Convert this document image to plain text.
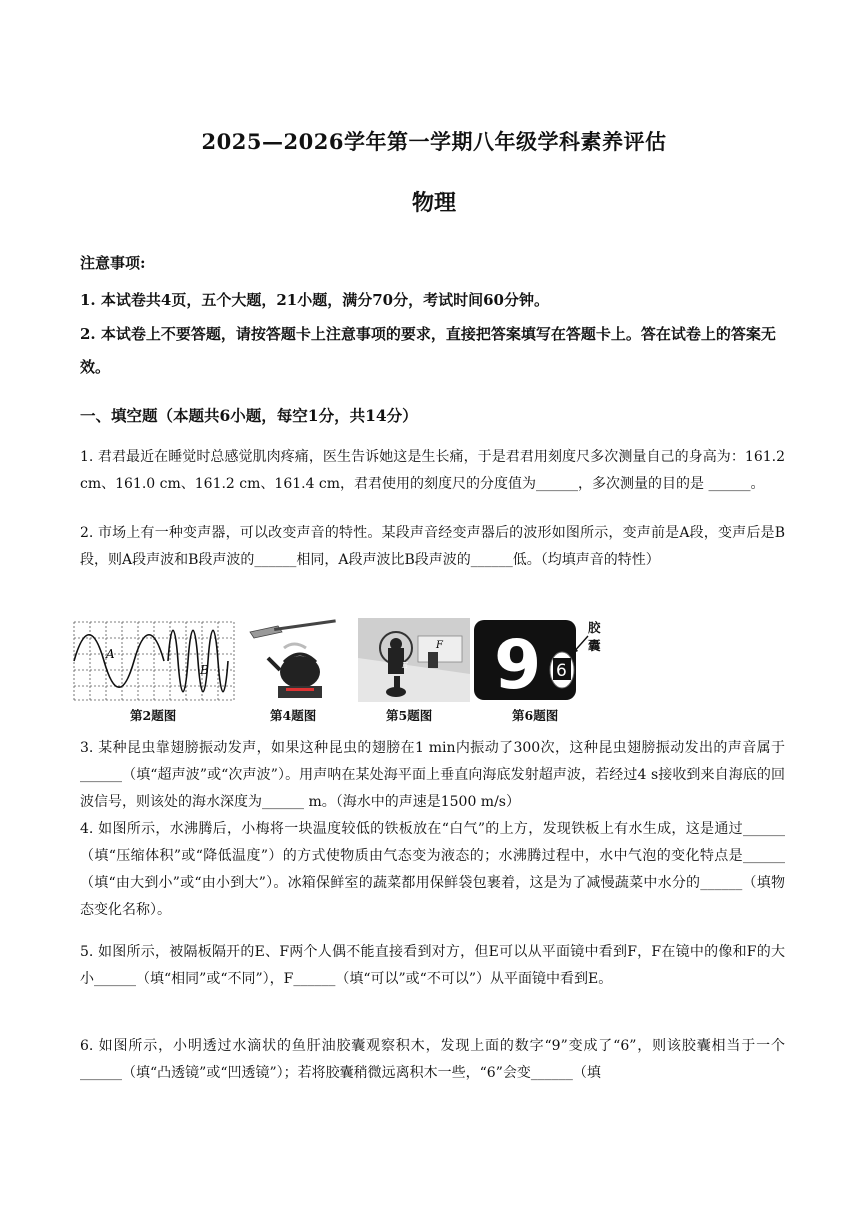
2025—2026学年第一学期八年级学科素养评估
物理
注意事项:
1. 本试卷共4页，五个大题，21小题，满分70分，考试时间60分钟。
2. 本试卷上不要答题，请按答题卡上注意事项的要求，直接把答案填写在答题卡上。答在试卷上的答案无效。
一、填空题（本题共6小题，每空1分，共14分）
1. 君君最近在睡觉时总感觉肌肉疼痛，医生告诉她这是生长痛，于是君君用刻度尺多次测量自己的身高为：161.2 cm、161.0 cm、161.2 cm、161.4 cm，君君使用的刻度尺的分度值为______，多次测量的目的是 ______。
2. 市场上有一种变声器，可以改变声音的特性。某段声音经变声器后的波形如图所示，变声前是A段，变声后是B段，则A段声波和B段声波的______相同，A段声波比B段声波的______低。（均填声音的特性）
A
B
第2题图	第4题图
F
E
第5题图
9 6
胶囊
第6题图
3. 某种昆虫靠翅膀振动发声，如果这种昆虫的翅膀在1 min内振动了300次，这种昆虫翅膀振动发出的声音属于______（填“超声波”或“次声波”）。用声呐在某处海平面上垂直向海底发射超声波，若经过4 s接收到来自海底的回波信号，则该处的海水深度为______ m。（海水中的声速是1500 m/s）
4. 如图所示，水沸腾后，小梅将一块温度较低的铁板放在“白气”的上方，发现铁板上有水生成，这是通过______（填“压缩体积”或“降低温度”）的方式使物质由气态变为液态的；水沸腾过程中，水中气泡的变化特点是______（填“由大到小”或“由小到大”）。冰箱保鲜室的蔬菜都用保鲜袋包裹着，这是为了减慢蔬菜中水分的______（填物态变化名称）。
5. 如图所示，被隔板隔开的E、F两个人偶不能直接看到对方，但E可以从平面镜中看到F，F在镜中的像和F的大小______（填“相同”或“不同”），F______（填“可以”或“不可以”）从平面镜中看到E。
6. 如图所示，小明透过水滴状的鱼肝油胶囊观察积木，发现上面的数字“9”变成了“6”，则该胶囊相当于一个______（填“凸透镜”或“凹透镜”）；若将胶囊稍微远离积木一些，“6”会变______（填
